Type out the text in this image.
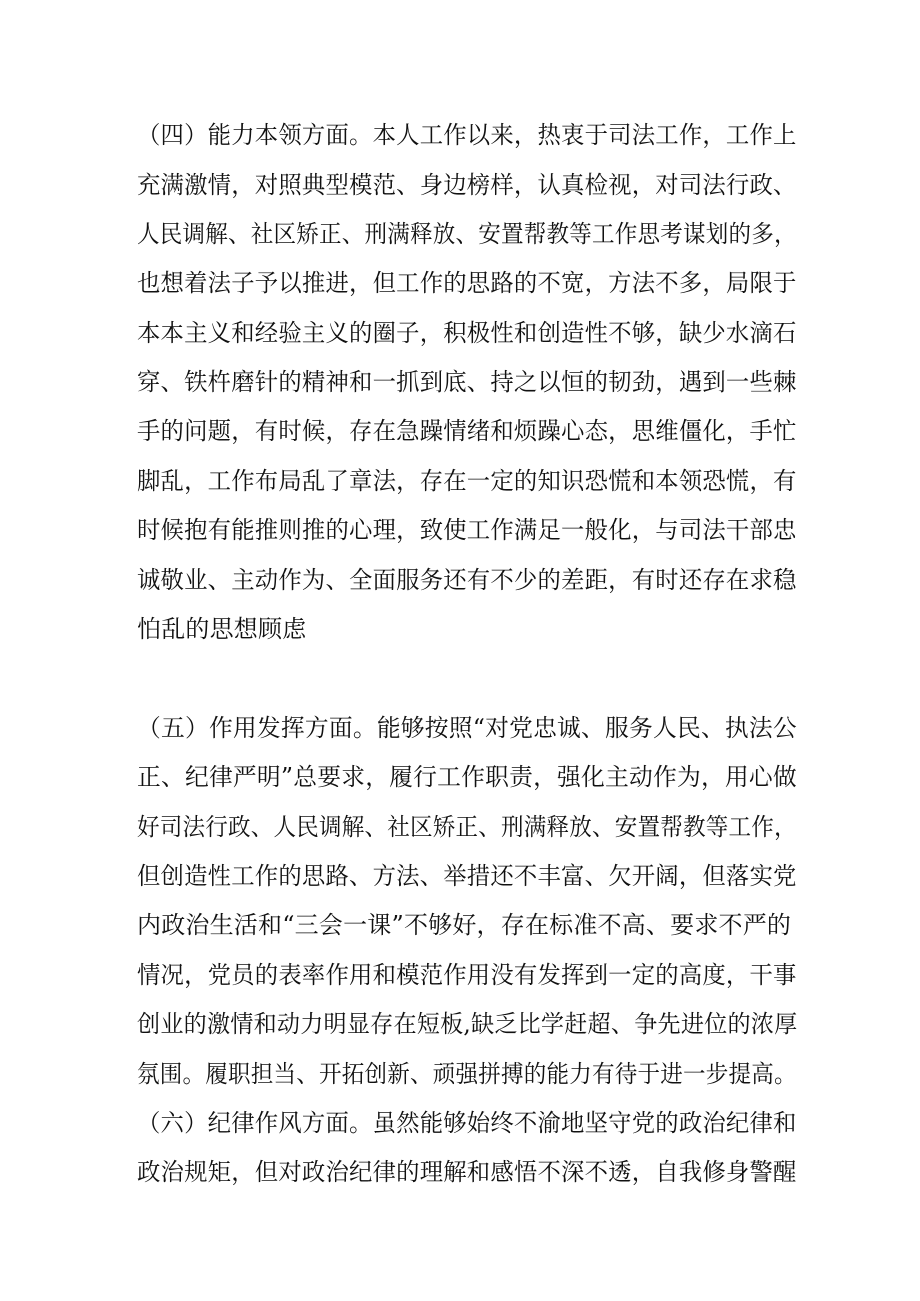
（四）能力本领方面。本人工作以来，热衷于司法工作，工作上
充满激情，对照典型模范、身边榜样，认真检视，对司法行政、
人民调解、社区矫正、刑满释放、安置帮教等工作思考谋划的多，
也想着法子予以推进，但工作的思路的不宽，方法不多，局限于
本本主义和经验主义的圈子，积极性和创造性不够，缺少水滴石
穿、铁杵磨针的精神和一抓到底、持之以恒的韧劲，遇到一些棘
手的问题，有时候，存在急躁情绪和烦躁心态，思维僵化，手忙
脚乱，工作布局乱了章法，存在一定的知识恐慌和本领恐慌，有
时候抱有能推则推的心理，致使工作满足一般化，与司法干部忠
诚敬业、主动作为、全面服务还有不少的差距，有时还存在求稳
怕乱的思想顾虑
（五）作用发挥方面。能够按照“对党忠诚、服务人民、执法公
正、纪律严明”总要求，履行工作职责，强化主动作为，用心做
好司法行政、人民调解、社区矫正、刑满释放、安置帮教等工作，
但创造性工作的思路、方法、举措还不丰富、欠开阔，但落实党
内政治生活和“三会一课”不够好，存在标准不高、要求不严的
情况，党员的表率作用和模范作用没有发挥到一定的高度，干事
创业的激情和动力明显存在短板,缺乏比学赶超、争先进位的浓厚
氛围。履职担当、开拓创新、顽强拼搏的能力有待于进一步提高。
（六）纪律作风方面。虽然能够始终不渝地坚守党的政治纪律和
政治规矩，但对政治纪律的理解和感悟不深不透，自我修身警醒
